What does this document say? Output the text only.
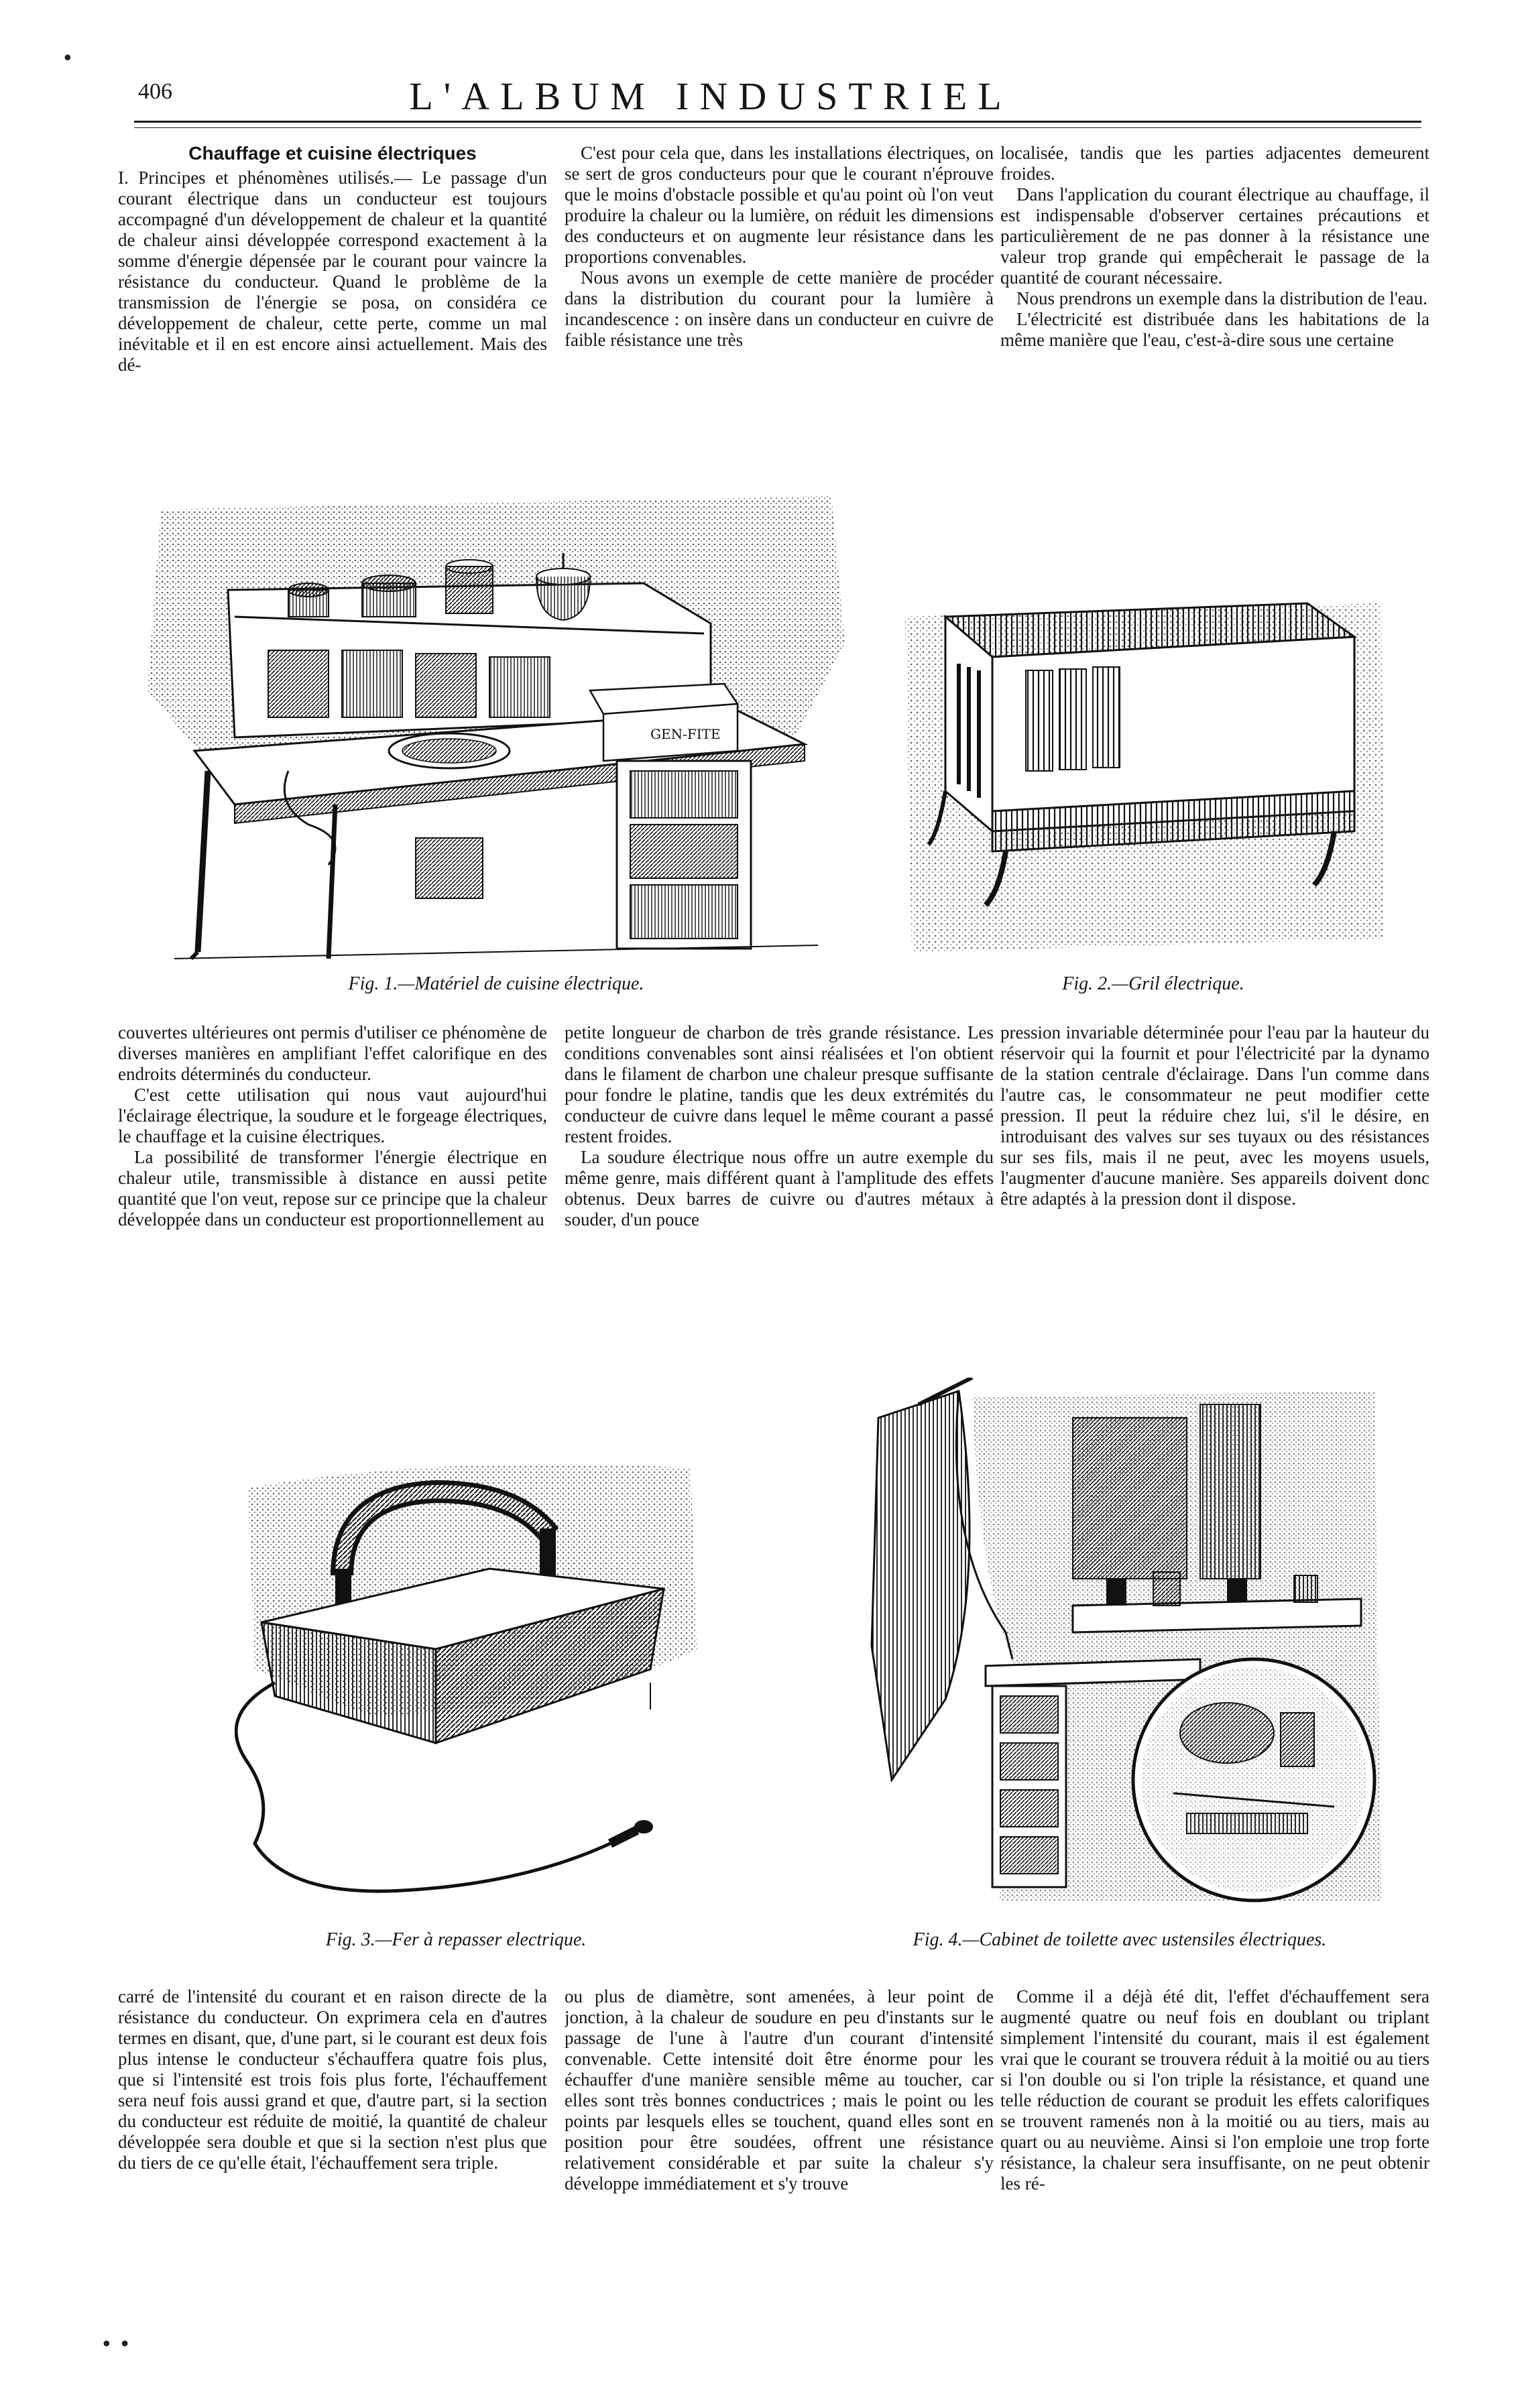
406	L'ALBUM INDUSTRIEL
Chauffage et cuisine électriques

I. Principes et phénomènes utilisés.— Le passage d'un courant électrique dans un conducteur est toujours accompagné d'un développement de chaleur et la quantité de chaleur ainsi développée correspond exactement à la somme d'énergie dépensée par le courant pour vaincre la résistance du conducteur. Quand le problème de la transmission de l'énergie se posa, on considéra ce développement de chaleur, cette perte, comme un mal inévitable et il en est encore ainsi actuellement. Mais des dé-

C'est pour cela que, dans les installations électriques, on se sert de gros conducteurs pour que le courant n'éprouve que le moins d'obstacle possible et qu'au point où l'on veut produire la chaleur ou la lumière, on réduit les dimensions des conducteurs et on augmente leur résistance dans les proportions convenables.

Nous avons un exemple de cette manière de procéder dans la distribution du courant pour la lumière à incandescence : on insère dans un conducteur en cuivre de faible résistance une très

localisée, tandis que les parties adjacentes demeurent froides.

Dans l'application du courant électrique au chauffage, il est indispensable d'observer certaines précautions et particulièrement de ne pas donner à la résistance une valeur trop grande qui empêcherait le passage de la quantité de courant nécessaire.

Nous prendrons un exemple dans la distribution de l'eau.

L'électricité est distribuée dans les habitations de la même manière que l'eau, c'est-à-dire sous une certaine

GEN-FITE
Fig. 1.—Matériel de cuisine électrique.	Fig. 2.—Gril électrique.

couvertes ultérieures ont permis d'utiliser ce phénomène de diverses manières en amplifiant l'effet calorifique en des endroits déterminés du conducteur.

C'est cette utilisation qui nous vaut aujourd'hui l'éclairage électrique, la soudure et le forgeage électriques, le chauffage et la cuisine électriques.

La possibilité de transformer l'énergie électrique en chaleur utile, transmissible à distance en aussi petite quantité que l'on veut, repose sur ce principe que la chaleur développée dans un conducteur est proportionnellement au

petite longueur de charbon de très grande résistance. Les conditions convenables sont ainsi réalisées et l'on obtient dans le filament de charbon une chaleur presque suffisante pour fondre le platine, tandis que les deux extrémités du conducteur de cuivre dans lequel le même courant a passé restent froides.

La soudure électrique nous offre un autre exemple du même genre, mais différent quant à l'amplitude des effets obtenus. Deux barres de cuivre ou d'autres métaux à souder, d'un pouce

pression invariable déterminée pour l'eau par la hauteur du réservoir qui la fournit et pour l'électricité par la dynamo de la station centrale d'éclairage. Dans l'un comme dans l'autre cas, le consommateur ne peut modifier cette pression. Il peut la réduire chez lui, s'il le désire, en introduisant des valves sur ses tuyaux ou des résistances sur ses fils, mais il ne peut, avec les moyens usuels, l'augmenter d'aucune manière. Ses appareils doivent donc être adaptés à la pression dont il dispose.

Fig. 3.—Fer à repasser electrique.	Fig. 4.—Cabinet de toilette avec ustensiles électriques.

carré de l'intensité du courant et en raison directe de la résistance du conducteur. On exprimera cela en d'autres termes en disant, que, d'une part, si le courant est deux fois plus intense le conducteur s'échauffera quatre fois plus, que si l'intensité est trois fois plus forte, l'échauffement sera neuf fois aussi grand et que, d'autre part, si la section du conducteur est réduite de moitié, la quantité de chaleur développée sera double et que si la section n'est plus que du tiers de ce qu'elle était, l'échauffement sera triple.

ou plus de diamètre, sont amenées, à leur point de jonction, à la chaleur de soudure en peu d'instants sur le passage de l'une à l'autre d'un courant d'intensité convenable. Cette intensité doit être énorme pour les échauffer d'une manière sensible même au toucher, car elles sont très bonnes conductrices ; mais le point ou les points par lesquels elles se touchent, quand elles sont en position pour être soudées, offrent une résistance relativement considérable et par suite la chaleur s'y développe immédiatement et s'y trouve

Comme il a déjà été dit, l'effet d'échauffement sera augmenté quatre ou neuf fois en doublant ou triplant simplement l'intensité du courant, mais il est également vrai que le courant se trouvera réduit à la moitié ou au tiers si l'on double ou si l'on triple la résistance, et quand une telle réduction de courant se produit les effets calorifiques se trouvent ramenés non à la moitié ou au tiers, mais au quart ou au neuvième. Ainsi si l'on emploie une trop forte résistance, la chaleur sera insuffisante, on ne peut obtenir les ré-

•
• •
